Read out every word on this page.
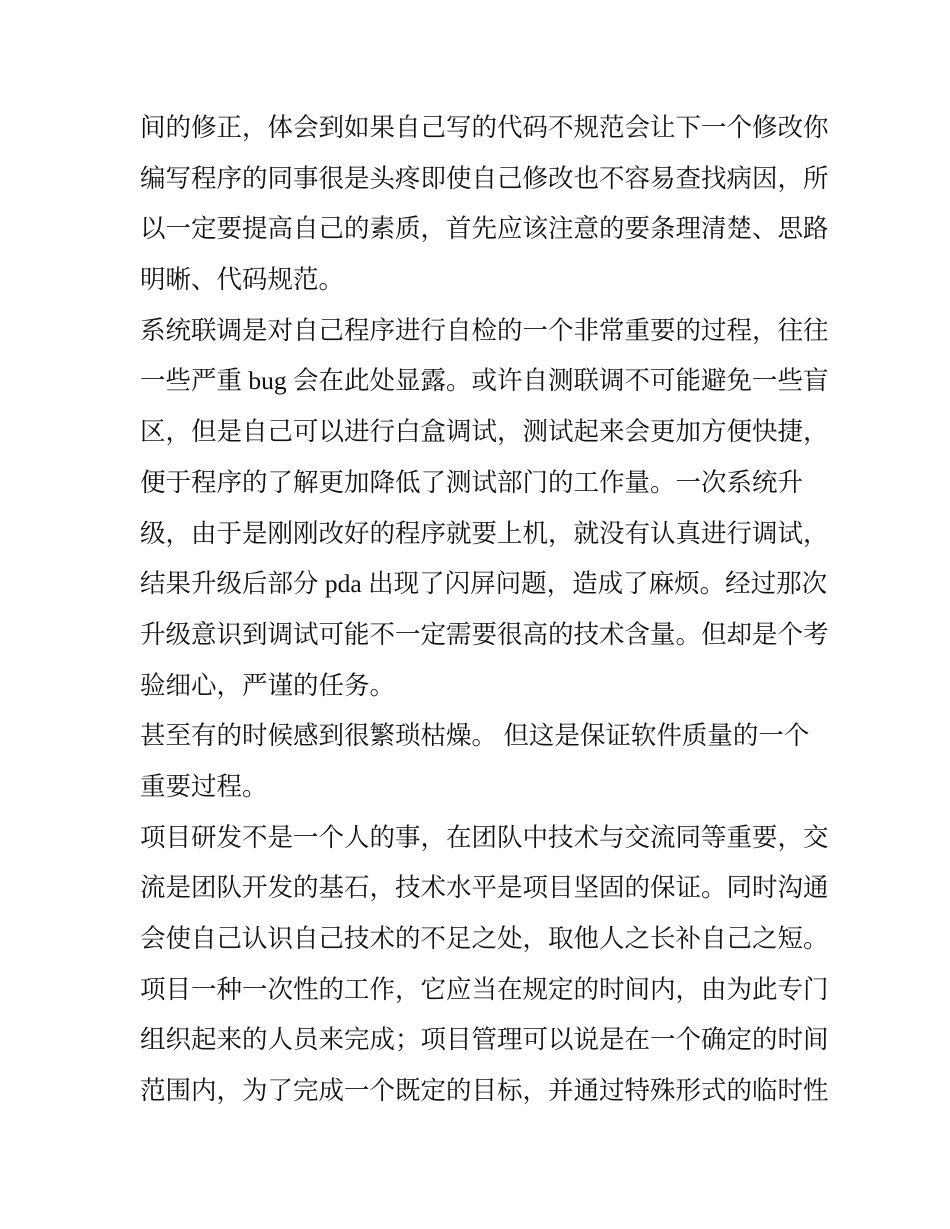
间的修正，体会到如果自己写的代码不规范会让下一个修改你
编写程序的同事很是头疼即使自己修改也不容易查找病因，所
以一定要提高自己的素质，首先应该注意的要条理清楚、思路
明晰、代码规范。
系统联调是对自己程序进行自检的一个非常重要的过程，往往
一些严重 bug 会在此处显露。或许自测联调不可能避免一些盲
区，但是自己可以进行白盒调试，测试起来会更加方便快捷，
便于程序的了解更加降低了测试部门的工作量。一次系统升
级，由于是刚刚改好的程序就要上机，就没有认真进行调试，
结果升级后部分 pda 出现了闪屏问题，造成了麻烦。经过那次
升级意识到调试可能不一定需要很高的技术含量。但却是个考
验细心，严谨的任务。
甚至有的时候感到很繁琐枯燥。 但这是保证软件质量的一个
重要过程。
项目研发不是一个人的事，在团队中技术与交流同等重要，交
流是团队开发的基石，技术水平是项目坚固的保证。同时沟通
会使自己认识自己技术的不足之处，取他人之长补自己之短。
项目一种一次性的工作，它应当在规定的时间内，由为此专门
组织起来的人员来完成；项目管理可以说是在一个确定的时间
范围内，为了完成一个既定的目标，并通过特殊形式的临时性
